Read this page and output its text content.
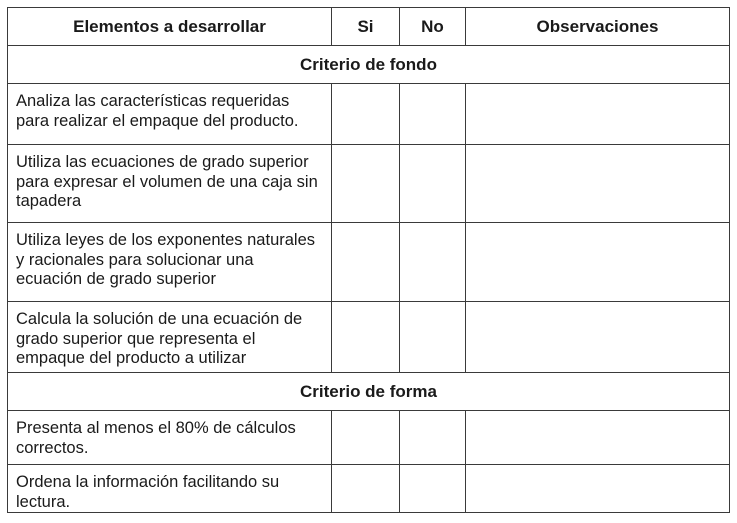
Elementos a desarrollar	Si	No	Observaciones
Criterio de fondo			
Analiza las características requeridas para realizar el empaque del producto.			
Utiliza las ecuaciones de grado superior para expresar el volumen de una caja sin tapadera			
Utiliza leyes de los exponentes naturales y racionales para solucionar una ecuación de grado superior			
Calcula la solución de una ecuación de grado superior que representa el empaque del producto a utilizar			
Criterio de forma			
Presenta al menos el 80% de cálculos correctos.			
Ordena la información facilitando su lectura.			
